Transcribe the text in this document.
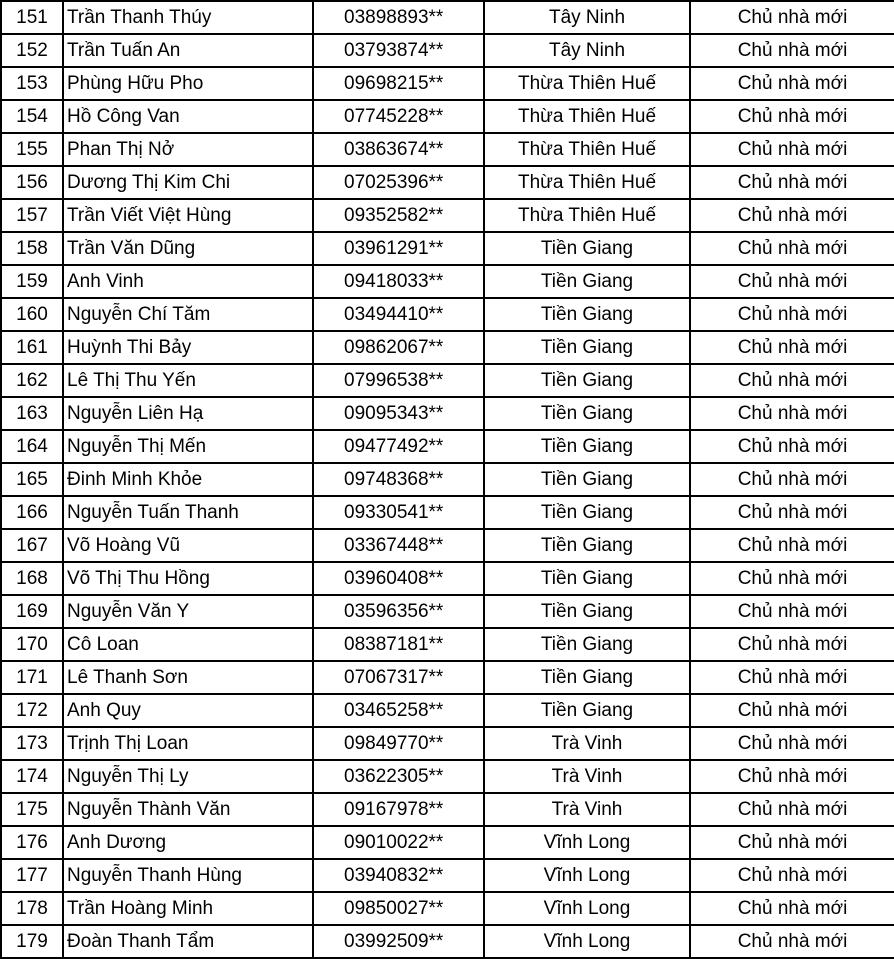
151	Trần Thanh Thúy	03898893**	Tây Ninh	Chủ nhà mới
152	Trần Tuấn An	03793874**	Tây Ninh	Chủ nhà mới
153	Phùng Hữu Pho	09698215**	Thừa Thiên Huế	Chủ nhà mới
154	Hồ Công Van	07745228**	Thừa Thiên Huế	Chủ nhà mới
155	Phan Thị Nở	03863674**	Thừa Thiên Huế	Chủ nhà mới
156	Dương Thị Kim Chi	07025396**	Thừa Thiên Huế	Chủ nhà mới
157	Trần Viết Việt Hùng	09352582**	Thừa Thiên Huế	Chủ nhà mới
158	Trần Văn Dũng	03961291**	Tiền Giang	Chủ nhà mới
159	Anh Vinh	09418033**	Tiền Giang	Chủ nhà mới
160	Nguyễn Chí Tăm	03494410**	Tiền Giang	Chủ nhà mới
161	Huỳnh Thi Bảy	09862067**	Tiền Giang	Chủ nhà mới
162	Lê Thị Thu Yến	07996538**	Tiền Giang	Chủ nhà mới
163	Nguyễn Liên Hạ	09095343**	Tiền Giang	Chủ nhà mới
164	Nguyễn Thị Mến	09477492**	Tiền Giang	Chủ nhà mới
165	Đinh Minh Khỏe	09748368**	Tiền Giang	Chủ nhà mới
166	Nguyễn Tuấn Thanh	09330541**	Tiền Giang	Chủ nhà mới
167	Võ Hoàng Vũ	03367448**	Tiền Giang	Chủ nhà mới
168	Võ Thị Thu Hồng	03960408**	Tiền Giang	Chủ nhà mới
169	Nguyễn Văn Y	03596356**	Tiền Giang	Chủ nhà mới
170	Cô Loan	08387181**	Tiền Giang	Chủ nhà mới
171	Lê Thanh Sơn	07067317**	Tiền Giang	Chủ nhà mới
172	Anh Quy	03465258**	Tiền Giang	Chủ nhà mới
173	Trịnh Thị Loan	09849770**	Trà Vinh	Chủ nhà mới
174	Nguyễn Thị Ly	03622305**	Trà Vinh	Chủ nhà mới
175	Nguyễn Thành Văn	09167978**	Trà Vinh	Chủ nhà mới
176	Anh Dương	09010022**	Vĩnh Long	Chủ nhà mới
177	Nguyễn Thanh Hùng	03940832**	Vĩnh Long	Chủ nhà mới
178	Trần Hoàng Minh	09850027**	Vĩnh Long	Chủ nhà mới
179	Đoàn Thanh Tẩm	03992509**	Vĩnh Long	Chủ nhà mới
